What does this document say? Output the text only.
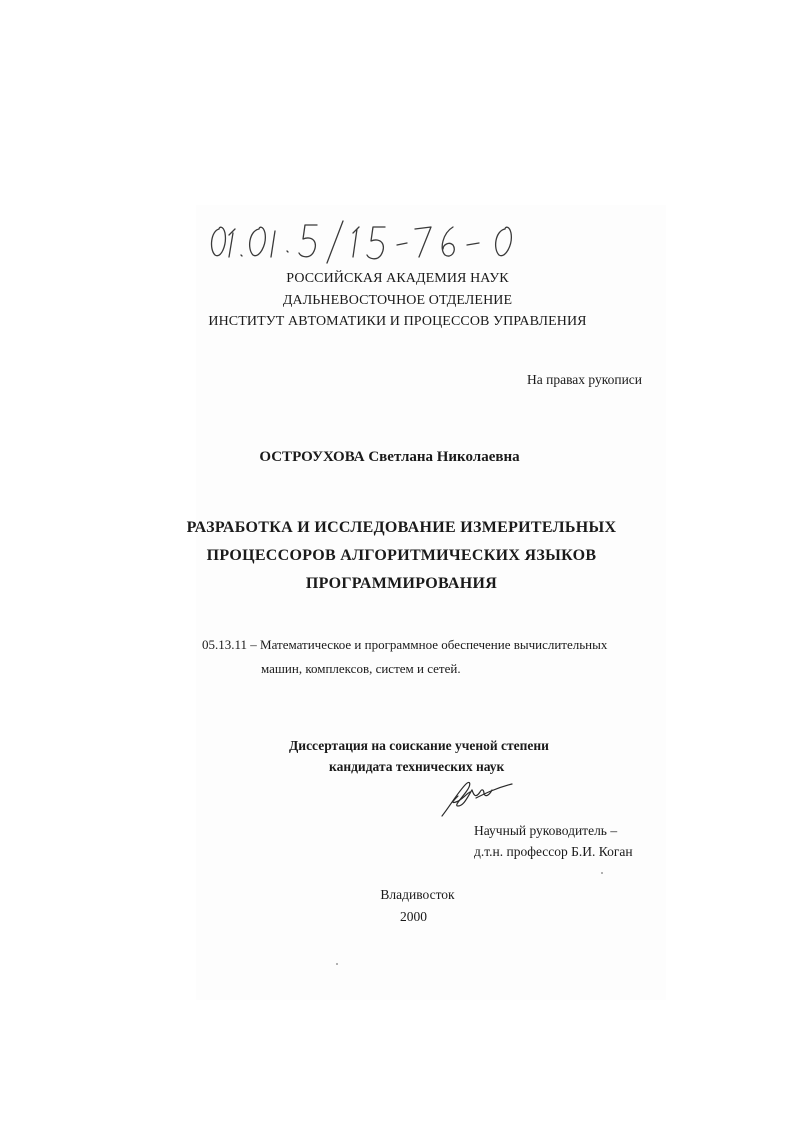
РОССИЙСКАЯ АКАДЕМИЯ НАУК

ДАЛЬНЕВОСТОЧНОЕ ОТДЕЛЕНИЕ

ИНСТИТУТ АВТОМАТИКИ И ПРОЦЕССОВ УПРАВЛЕНИЯ

На правах рукописи

ОСТРОУХОВА Светлана Николаевна

РАЗРАБОТКА И ИССЛЕДОВАНИЕ ИЗМЕРИТЕЛЬНЫХ

ПРОЦЕССОРОВ АЛГОРИТМИЧЕСКИХ ЯЗЫКОВ

ПРОГРАММИРОВАНИЯ

05.13.11 – Математическое и программное обеспечение вычислительных

машин, комплексов, систем и сетей.

Диссертация на соискание ученой степени

кандидата технических наук

Научный руководитель –

д.т.н. профессор Б.И. Коган

Владивосток

2000
